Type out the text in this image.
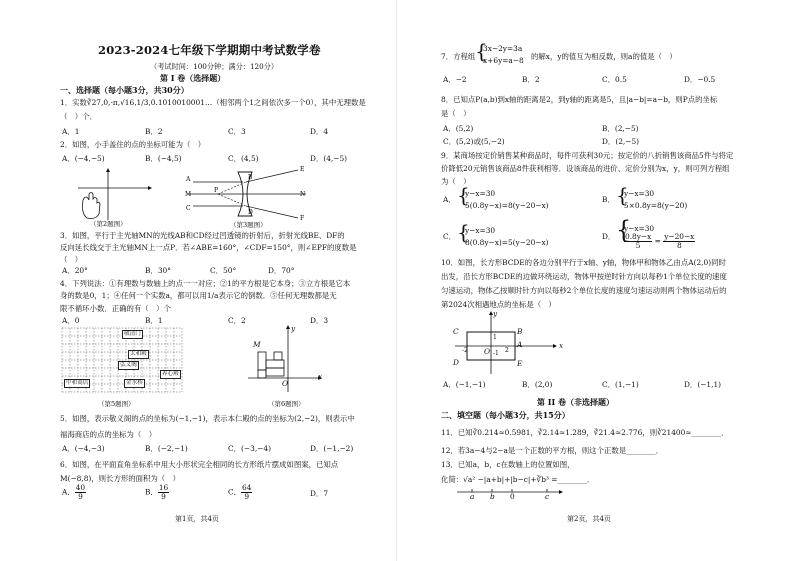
2023-2024七年级下学期期中考试数学卷
（考试时间：100分钟；满分：120分）
第 I 卷（选择题）
一、选择题（每小题3分，共30分）
1．实数∛27,0,-π,√16,1/3,0.1010010001…（相邻两个1之间依次多一个0），其中无理数是
（　）个．
A．1	B．2	C．3	D．4
2．如图，小手盖住的点的坐标可能为（　）
A．(−4,−5)	B．(−4,5)	C．(4,5)	D．(4,−5)
（第2题图）
A	B
M
C
D
E
F
P
N
（第3题图）
3．如图，平行于主光轴MN的光线AB和CD经过凹透镜的折射后，折射光线BE、DF的
反向延长线交于主光轴MN上一点P．若∠ABE=160°，∠CDF=150°，则∠EPF的度数是
（　）
A．20°	B．30°	C．50°	D．70°
4．下列说法：①有理数与数轴上的点一一对应；②1的平方根是它本身；③立方根是它本
身的数是0，1；④任何一个实数a，都可以用1/a表示它的倒数．⑤任何无理数都是无
限不循环小数．正确的有（　）个
A．0	B．1	C．2	D．3
敬清门
太和殿
弘义阁
养心殿
中和商店	金水桥
（第5题图）
y
M
O
x
（第6题图）
5．如图，表示敬义阁的点的坐标为(−1,−1)，表示本仁殿的点的坐标为(2,−2)，则表示中
福海商店的点的坐标为（　）
A．(−4,−3)	B．(−2,−1)	C．(−3,−4)	D．(−1,−2)
6．如图，在平面直角坐标系中用大小形状完全相同的长方形纸片摆成如图案，已知点
M(−8,8)，则长方形的面积为（　）
A． $\frac{40}{9}$	B． $\frac{16}{9}$	C． $\frac{64}{9}$	D．7
第1页，共4页
7．方程组 {
3x−2y=3a
x+6y=a−8 的解x，y的值互为相反数，则a的值是（　）
A．−2	B．2	C．0.5	D．−0.5
8．已知点P(a,b)到x轴的距离是2，到y轴的距离是5，且|a−b|=a−b，则P点的坐标
是（　）
A．(5,2)	B．(2,−5)
C．(5,2)或(5,−2)	D．(2,−5)
9．某商场按定价销售某种商品时，每件可获利30元；按定价的八折销售该商品5件与将定
价降低20元销售该商品8件获利相等．设该商品的进价、定价分别为x，y，则可列方程组
为（　）
A． {
y−x=30
5(0.8y−x)=8(y−20−x)
B． {
y−x=30
5×0.8y=8(y−20)
C． {
y−x=30
8(0.8y−x)=5(y−20−x)
D． {
y−x=30
$\frac{0.8y-x}{5} = \frac{y-20-x}{8}$
10．如图，长方形BCDE的各边分别平行于x轴、y轴，物体甲和物体乙由点A(2,0)同时
出发，沿长方形BCDE的边做环绕运动，物体甲按逆时针方向以每秒1个单位长度的速度
匀速运动，物体乙按顺时针方向以每秒2个单位长度的速度匀速运动则两个物体运动后的
第2024次相遇地点的坐标是（　）
C	B
D	E
A
O
x
y
1
-1 2
-2
A．(−1,−1)	B．(2,0)	C．(1,−1)	D．(−1,1)
第 II 卷（非选择题）
二、填空题（每小题3分，共15分）
11．已知∛0.214≈0.5981，∛2.14≈1.289，∛21.4≈2.776，则∛21400≈________．
12．若3a−4与2−a是一个正数的平方根，则这个正数是________．
13．已知a，b，c在数轴上的位置如图，
化简：√a² −|a+b|+|b−c|+∛b³ =________．
a b 0	c
第2页，共4页
